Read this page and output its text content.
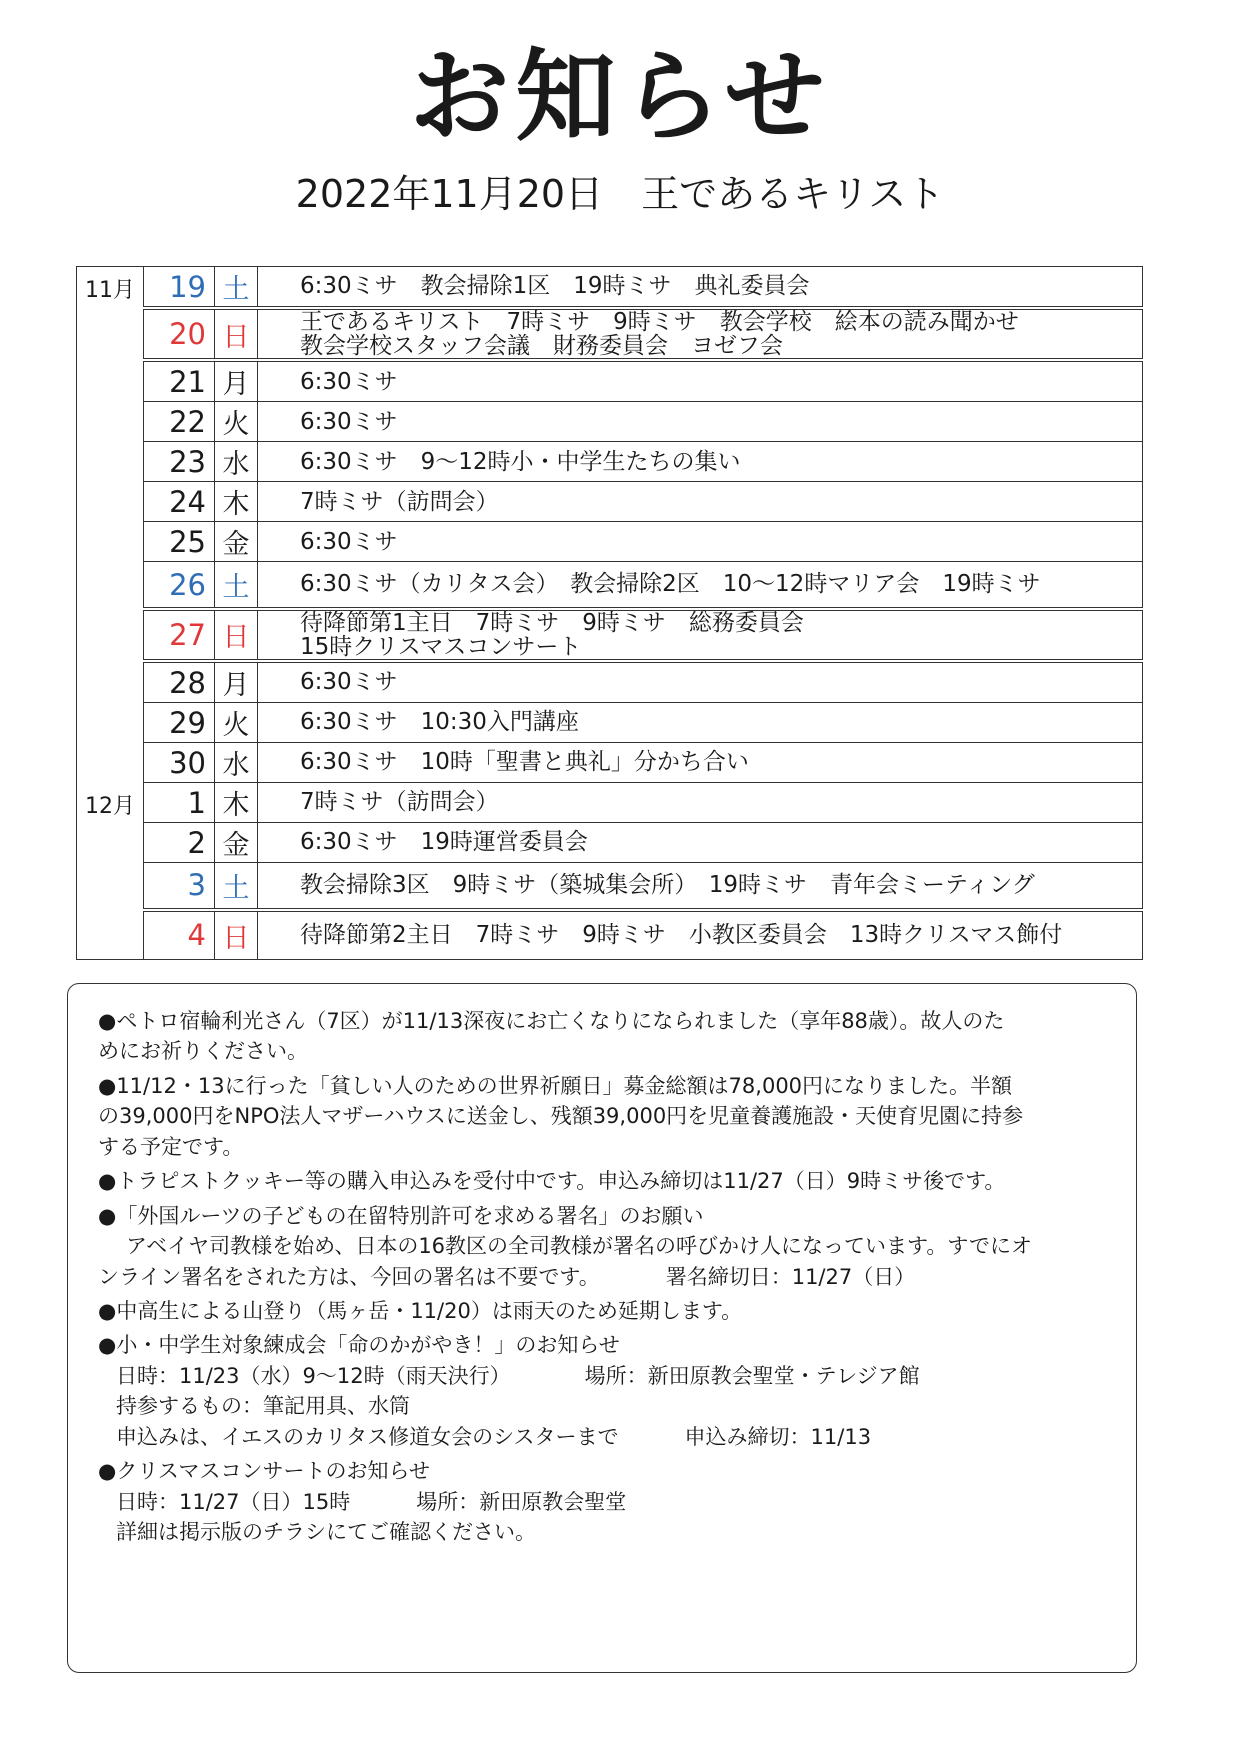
お知らせ
2022年11月20日　王であるキリスト
11月	19	土	6:30ミサ　教会掃除1区　19時ミサ　典礼委員会

	20	日	王であるキリスト　7時ミサ　9時ミサ　教会学校　絵本の読み聞かせ
教会学校スタッフ会議　財務委員会　ヨゼフ会

	21	月	6:30ミサ

	22	火	6:30ミサ

	23	水	6:30ミサ　9～12時小・中学生たちの集い

	24	木	7時ミサ（訪問会）

	25	金	6:30ミサ

	26	土	6:30ミサ（カリタス会）　教会掃除2区　10～12時マリア会　19時ミサ

	27	日	待降節第1主日　7時ミサ　9時ミサ　総務委員会
15時クリスマスコンサート

	28	月	6:30ミサ

	29	火	6:30ミサ　10:30入門講座

	30	水	6:30ミサ　10時「聖書と典礼」分かち合い

12月	1	木	7時ミサ（訪問会）

	2	金	6:30ミサ　19時運営委員会

	3	土	教会掃除3区　9時ミサ（築城集会所）　19時ミサ　青年会ミーティング

	4	日	待降節第2主日　7時ミサ　9時ミサ　小教区委員会　13時クリスマス飾付
●ペトロ宿輪利光さん（7区）が11/13深夜にお亡くなりになられました（享年88歳）。故人のた
めにお祈りください。
●11/12・13に行った「貧しい人のための世界祈願日」募金総額は78,000円になりました。半額
の39,000円をNPO法人マザーハウスに送金し、残額39,000円を児童養護施設・天使育児園に持参
する予定です。
●トラピストクッキー等の購入申込みを受付中です。申込み締切は11/27（日）9時ミサ後です。
●「外国ルーツの子どもの在留特別許可を求める署名」のお願い
アベイヤ司教様を始め、日本の16教区の全司教様が署名の呼びかけ人になっています。すでにオ
ンライン署名をされた方は、今回の署名は不要です。	署名締切日：11/27（日）
●中高生による山登り（馬ヶ岳・11/20）は雨天のため延期します。
●小・中学生対象練成会「命のかがやき！」のお知らせ
日時：11/23（水）9～12時（雨天決行）	場所：新田原教会聖堂・テレジア館
持参するもの：筆記用具、水筒
申込みは、イエスのカリタス修道女会のシスターまで	申込み締切：11/13
●クリスマスコンサートのお知らせ
日時：11/27（日）15時	場所：新田原教会聖堂
詳細は掲示版のチラシにてご確認ください。
